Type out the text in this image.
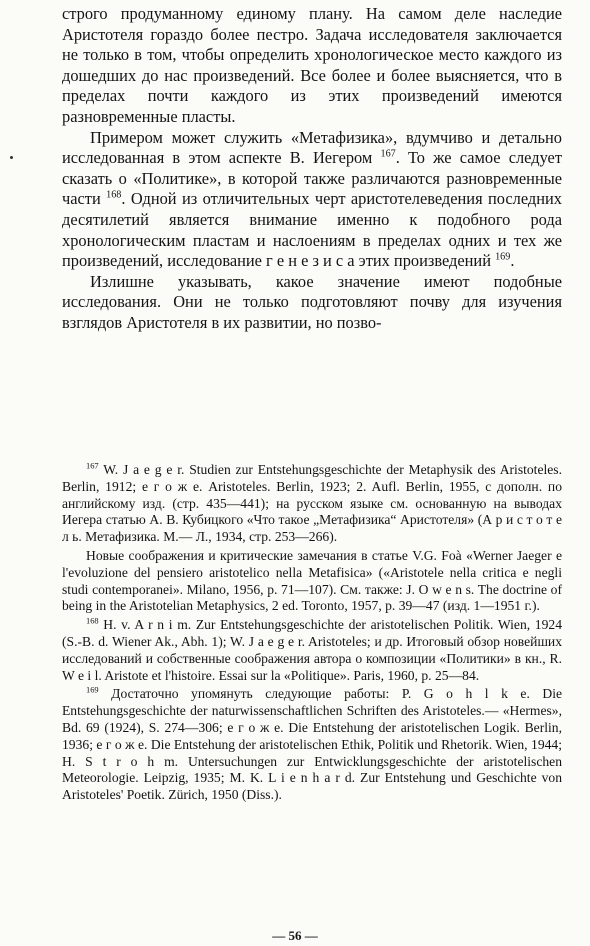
строго продуманному единому плану. На самом деле наследие Аристотеля гораздо более пестро. Задача исследователя заключается не только в том, чтобы определить хронологическое место каждого из дошедших до нас произведений. Все более и более выясняется, что в пределах почти каждого из этих произведений имеются разновременные пласты.

Примером может служить «Метафизика», вдумчиво и детально исследованная в этом аспекте В. Иегером $^{167}$. То же самое следует сказать о «Политике», в которой также различаются разновременные части $^{168}$. Одной из отличительных черт аристотелеведения последних десятилетий является внимание именно к подобного рода хронологическим пластам и наслоениям в пределах одних и тех же произведений, исследование г е н е з и с а этих произведений $^{169}$.

Излишне указывать, какое значение имеют подобные исследования. Они не только подготовляют почву для изучения взглядов Аристотеля в их развитии, но позво-

$^{167}$ W. J a e g e r. Studien zur Entstehungsgeschichte der Metaphysik des Aristoteles. Berlin, 1912; е г о ж е. Aristoteles. Berlin, 1923; 2. Aufl. Berlin, 1955, с дополн. по английскому изд. (стр. 435—441); на русском языке см. основанную на выводах Иегера статью А. В. Кубицкого «Что такое „Метафизика“ Аристотеля» (А р и с т о т е л ь. Метафизика. М.— Л., 1934, стр. 253—266).

Новые соображения и критические замечания в статье V.G. Foà «Werner Jaeger e l'evoluzione del pensiero aristotelico nella Metafisica» («Aristotele nella critica e negli studi contemporanei». Milano, 1956, p. 71—107). См. также: J. O w e n s. The doctrine of being in the Aristotelian Metaphysics, 2 ed. Toronto, 1957, p. 39—47 (изд. 1—1951 г.).

$^{168}$ H. v. A r n i m. Zur Entstehungsgeschichte der aristotelischen Politik. Wien, 1924 (S.-B. d. Wiener Ak., Abh. 1); W. J a e g e r. Aristoteles; и др. Итоговый обзор новейших исследований и собственные соображения автора о композиции «Политики» в кн., R. W e i l. Aristote et l'histoire. Essai sur la «Politique». Paris, 1960, p. 25—84.

$^{169}$ Достаточно упомянуть следующие работы: P. G o h l k e. Die Entstehungsgeschichte der naturwissenschaftlichen Schriften des Aristoteles.— «Hermes», Bd. 69 (1924), S. 274—306; е г о ж е. Die Entstehung der aristotelischen Logik. Berlin, 1936; е г о ж е. Die Entstehung der aristotelischen Ethik, Politik und Rhetorik. Wien, 1944; H. S t r o h m. Untersuchungen zur Entwicklungsgeschichte der aristotelischen Meteorologie. Leipzig, 1935; M. K. L i e n h a r d. Zur Entstehung und Geschichte von Aristoteles' Poetik. Zürich, 1950 (Diss.).

— 56 —
